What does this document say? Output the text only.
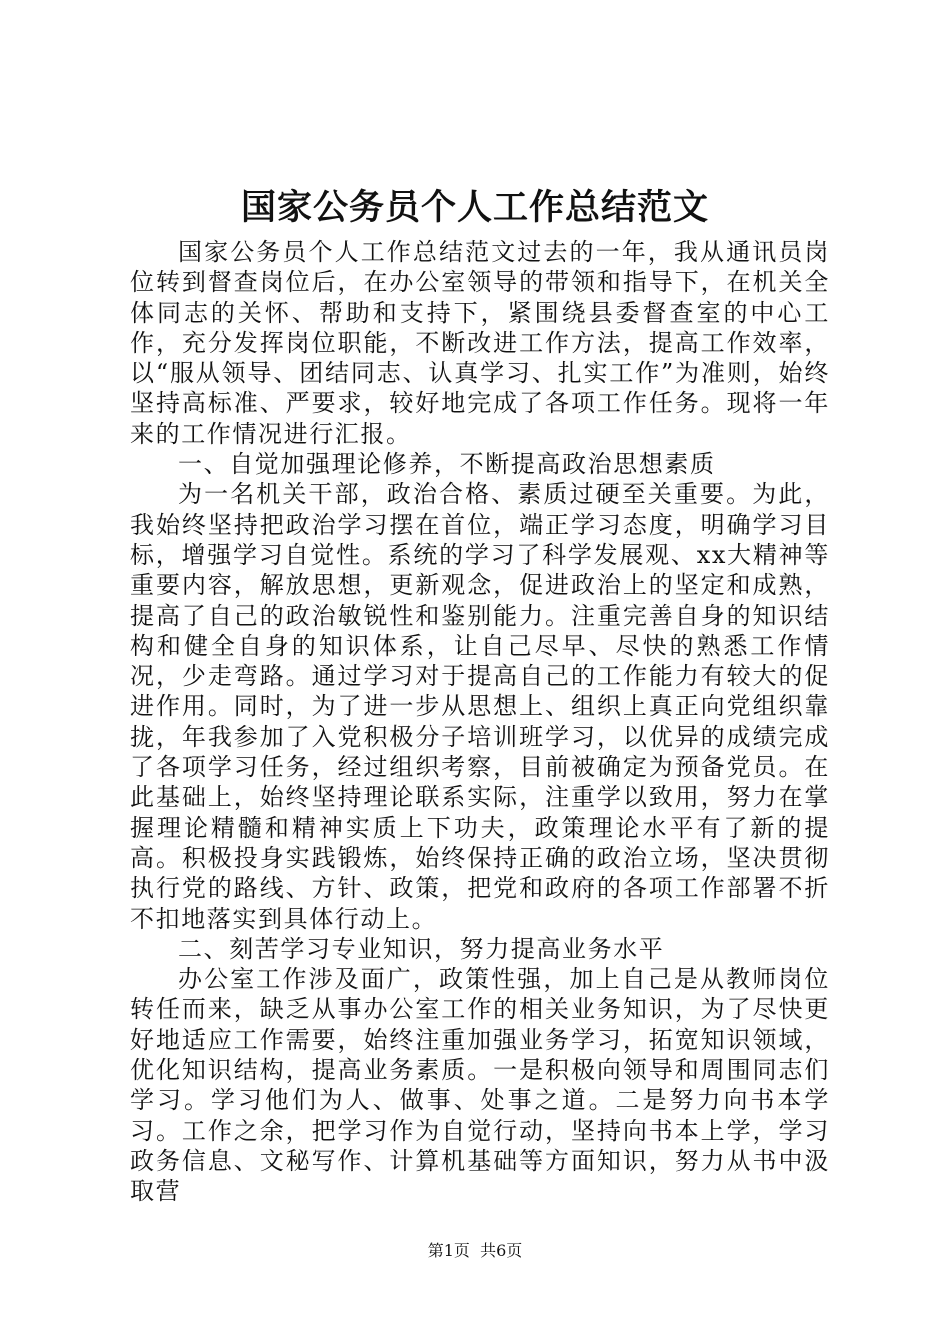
国家公务员个人工作总结范文

国家公务员个人工作总结范文过去的一年，我从通讯员岗位转到督查岗位后，在办公室领导的带领和指导下，在机关全体同志的关怀、帮助和支持下，紧围绕县委督查室的中心工作，充分发挥岗位职能，不断改进工作方法，提高工作效率，以“服从领导、团结同志、认真学习、扎实工作”为准则，始终坚持高标准、严要求，较好地完成了各项工作任务。现将一年来的工作情况进行汇报。

一、自觉加强理论修养，不断提高政治思想素质

为一名机关干部，政治合格、素质过硬至关重要。为此，我始终坚持把政治学习摆在首位，端正学习态度，明确学习目标，增强学习自觉性。系统的学习了科学发展观、xx大精神等重要内容，解放思想，更新观念，促进政治上的坚定和成熟，提高了自己的政治敏锐性和鉴别能力。注重完善自身的知识结构和健全自身的知识体系，让自己尽早、尽快的熟悉工作情况，少走弯路。通过学习对于提高自己的工作能力有较大的促进作用。同时，为了进一步从思想上、组织上真正向党组织靠拢，年我参加了入党积极分子培训班学习，以优异的成绩完成了各项学习任务，经过组织考察，目前被确定为预备党员。在此基础上，始终坚持理论联系实际，注重学以致用，努力在掌握理论精髓和精神实质上下功夫，政策理论水平有了新的提高。积极投身实践锻炼，始终保持正确的政治立场，坚决贯彻执行党的路线、方针、政策，把党和政府的各项工作部署不折不扣地落实到具体行动上。

二、刻苦学习专业知识，努力提高业务水平

办公室工作涉及面广，政策性强，加上自己是从教师岗位转任而来，缺乏从事办公室工作的相关业务知识，为了尽快更好地适应工作需要，始终注重加强业务学习，拓宽知识领域，优化知识结构，提高业务素质。一是积极向领导和周围同志们学习。学习他们为人、做事、处事之道。二是努力向书本学习。工作之余，把学习作为自觉行动，坚持向书本上学，学习政务信息、文秘写作、计算机基础等方面知识，努力从书中汲取营

第1页 共6页
